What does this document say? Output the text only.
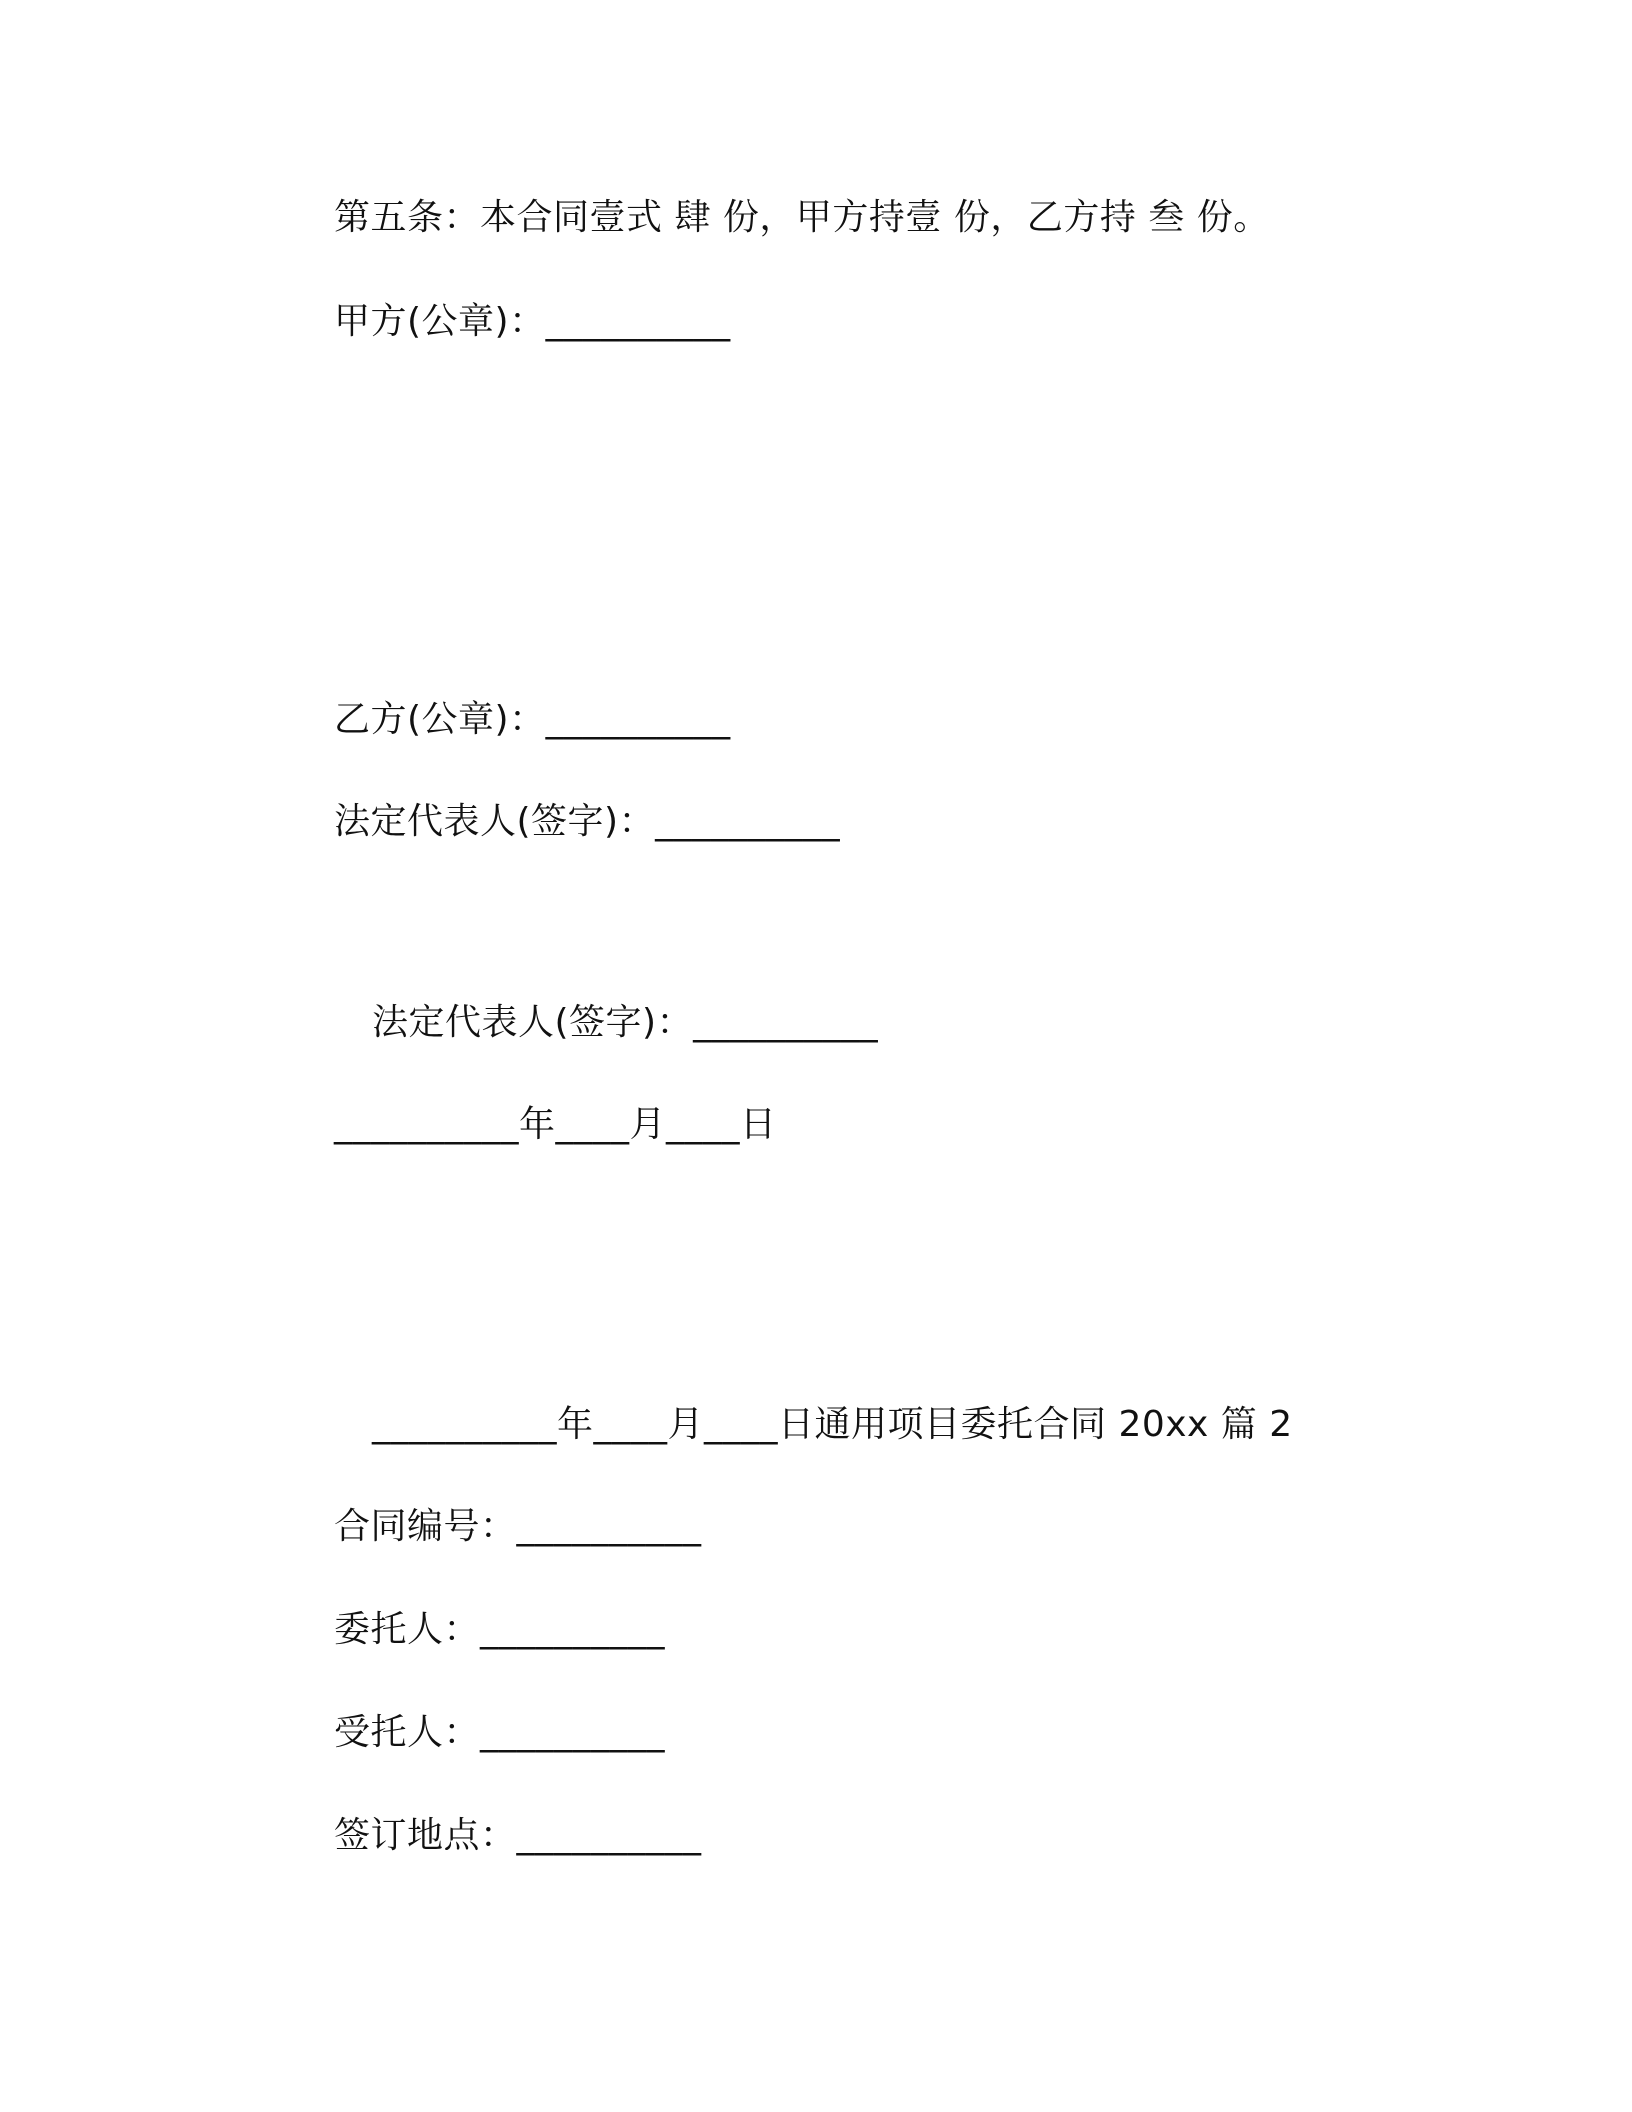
第五条：本合同壹式 肆 份，甲方持壹 份，乙方持 叁 份。
甲方(公章)：__________
乙方(公章)：__________
法定代表人(签字)：__________
法定代表人(签字)：__________
__________年____月____日
__________年____月____日通用项目委托合同 20xx 篇 2
合同编号：__________
委托人：__________
受托人：__________
签订地点：__________
